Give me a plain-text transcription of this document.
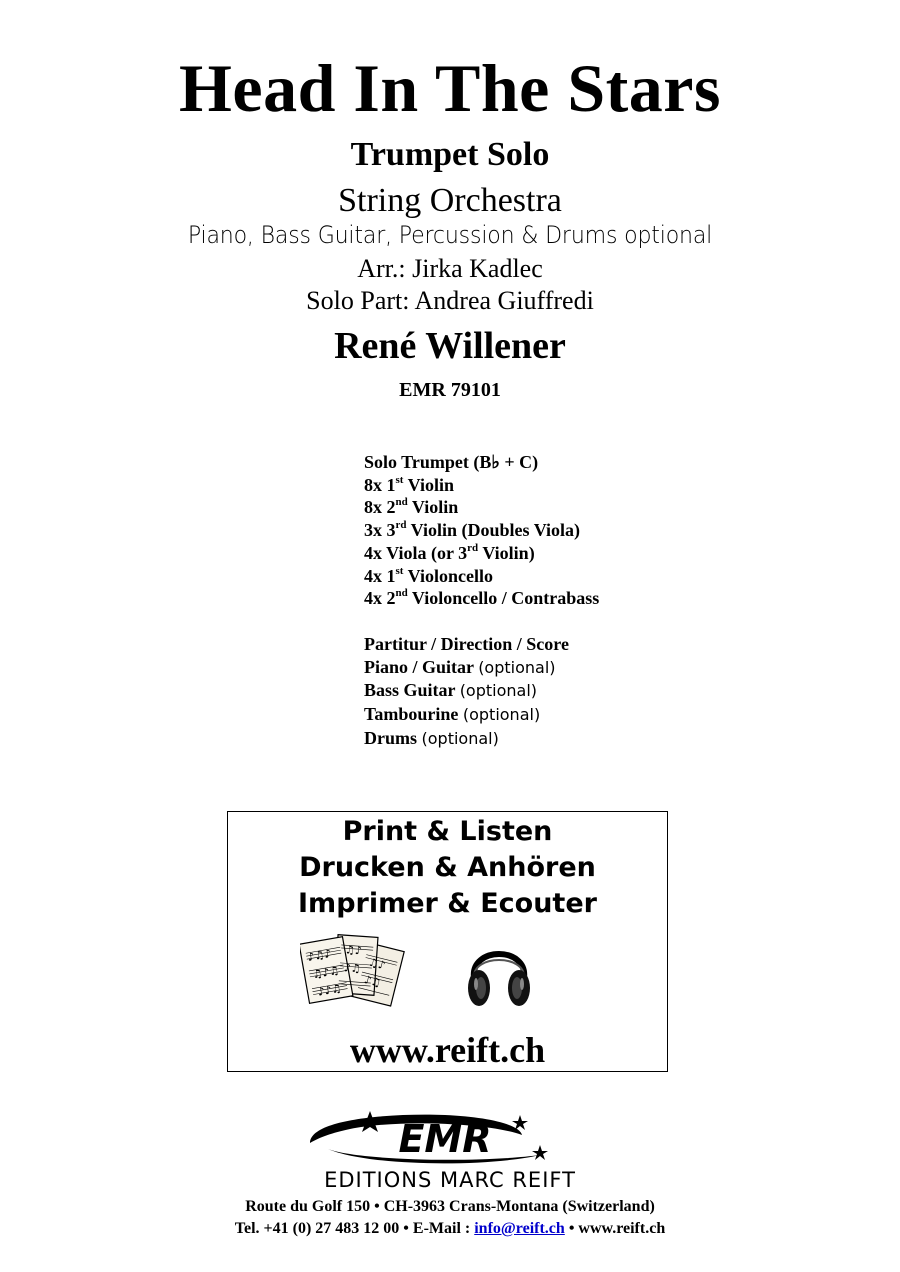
Head In The Stars
Trumpet Solo
String Orchestra
Piano, Bass Guitar, Percussion & Drums optional
Arr.: Jirka Kadlec
Solo Part: Andrea Giuffredi
René Willener
EMR 79101
Solo Trumpet (B♭ + C)
8x 1st Violin
8x 2nd Violin
3x 3rd Violin (Doubles Viola)
4x Viola (or 3rd Violin)
4x 1st Violoncello
4x 2nd Violoncello / Contrabass
Partitur / Direction / Score
Piano / Guitar (optional)
Bass Guitar (optional)
Tambourine (optional)
Drums (optional)
Print & Listen
Drucken & Anhören
Imprimer & Ecouter
♪♫♪
♫♪♫
♪♪♫
♫♪
♪♫ ♫♪
♪♫
www.reift.ch
EMR
EDITIONS MARC REIFT
Route du Golf 150 • CH-3963 Crans-Montana (Switzerland)
Tel. +41 (0) 27 483 12 00 • E-Mail : info@reift.ch • www.reift.ch
